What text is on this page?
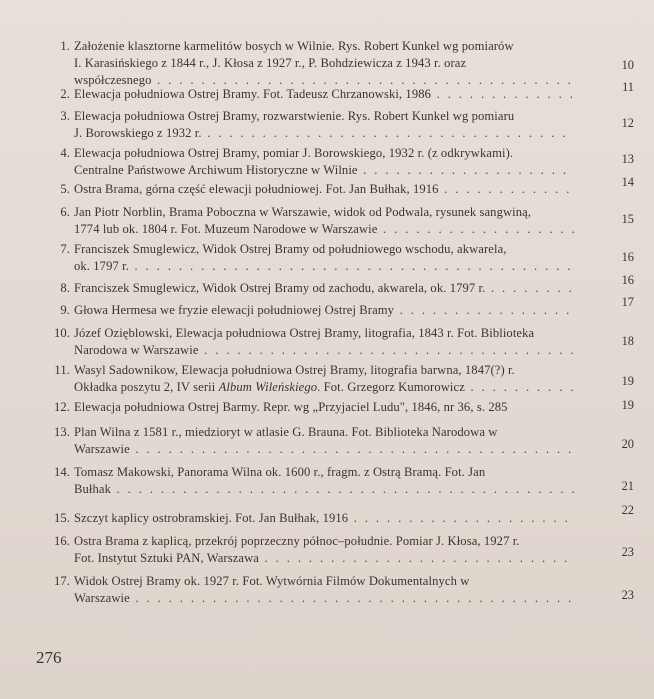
1. Założenie klasztorne karmelitów bosych w Wilnie. Rys. Robert Kunkel wg pomiarów
I. Karasińskiego z 1844 r., J. Kłosa z 1927 r., P. Bohdziewicza z 1943 r. oraz
współczesnego . . .
10
2. Elewacja południowa Ostrej Bramy. Fot. Tadeusz Chrzanowski, 1986 . . .	11
3. Elewacja południowa Ostrej Bramy, rozwarstwienie. Rys. Robert Kunkel wg pomiaru
J. Borowskiego z 1932 r. . . .
12
4. Elewacja południowa Ostrej Bramy, pomiar J. Borowskiego, 1932 r. (z odkrywkami).
Centralne Państwowe Archiwum Historyczne w Wilnie . . .
13
5. Ostra Brama, górna część elewacji południowej. Fot. Jan Bułhak, 1916 . . .	14
6. Jan Piotr Norblin, Brama Poboczna w Warszawie, widok od Podwala, rysunek sangwiną,
1774 lub ok. 1804 r. Fot. Muzeum Narodowe w Warszawie . . .
15
7. Franciszek Smuglewicz, Widok Ostrej Bramy od południowego wschodu, akwarela,
ok. 1797 r. . . .
16
8. Franciszek Smuglewicz, Widok Ostrej Bramy od zachodu, akwarela, ok. 1797 r. . . .
16
9. Głowa Hermesa we fryzie elewacji południowej Ostrej Bramy . . .
17
10. Józef Ozięblowski, Elewacja południowa Ostrej Bramy, litografia, 1843 r. Fot. Biblioteka
Narodowa w Warszawie . . .
18
11. Wasyl Sadownikow, Elewacja południowa Ostrej Bramy, litografia barwna, 1847(?) r.
Okładka poszytu 2, IV serii Album Wileńskiego. Fot. Grzegorz Kumorowicz . . .	19
12. Elewacja południowa Ostrej Barmy. Repr. wg „Przyjaciel Ludu", 1846, nr 36, s. 285	19
13. Plan Wilna z 1581 r., miedzioryt w atlasie G. Brauna. Fot. Biblioteka Narodowa w
Warszawie . . .	20
14. Tomasz Makowski, Panorama Wilna ok. 1600 r., fragm. z Ostrą Bramą. Fot. Jan
Bułhak . . .	21
15. Szczyt kaplicy ostrobramskiej. Fot. Jan Bułhak, 1916 . . .
22
16. Ostra Brama z kaplicą, przekrój poprzeczny północ–południe. Pomiar J. Kłosa, 1927 r.
Fot. Instytut Sztuki PAN, Warszawa . . .	23
17. Widok Ostrej Bramy ok. 1927 r. Fot. Wytwórnia Filmów Dokumentalnych w
Warszawie . . .	23
276
